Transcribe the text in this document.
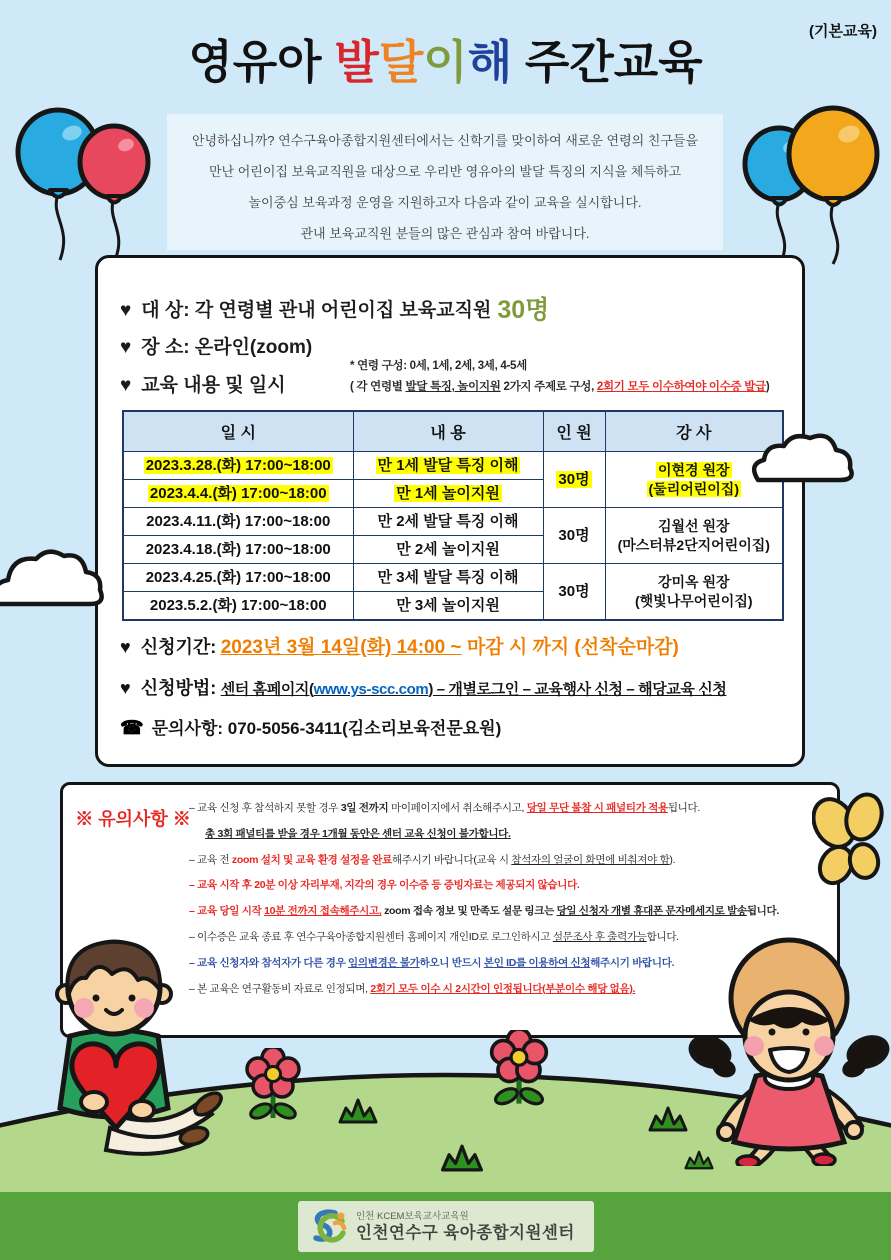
(기본교육)
영유아 발달이해 주간교육
안녕하십니까? 연수구육아종합지원센터에서는 신학기를 맞이하여 새로운 연령의 친구들을
만난 어린이집 보육교직원을 대상으로 우리반 영유아의 발달 특징의 지식을 체득하고
놀이중심 보육과정 운영을 지원하고자 다음과 같이 교육을 실시합니다.
관내 보육교직원 분들의 많은 관심과 참여 바랍니다.
♥ 대 상: 각 연령별 관내 어린이집 보육교직원 30명
♥ 장 소: 온라인(zoom)
♥ 교육 내용 및 일시
* 연령 구성: 0세, 1세, 2세, 3세, 4-5세
( 각 연령별 발달 특징, 놀이지원 2가지 주제로 구성, 2회기 모두 이수하여야 이수증 발급)
일 시	내 용	인 원	강 사
2023.3.28.(화) 17:00~18:00	만 1세 발달 특징 이해	30명	이현경 원장
(둘리어린이집)

2023.4.4.(화) 17:00~18:00	만 1세 놀이지원		
2023.4.11.(화) 17:00~18:00	만 2세 발달 특징 이해	30명	김월선 원장
(마스터뷰2단지어린이집)

2023.4.18.(화) 17:00~18:00	만 2세 놀이지원		
2023.4.25.(화) 17:00~18:00	만 3세 발달 특징 이해	30명	강미옥 원장
(햇빛나무어린이집)

2023.5.2.(화) 17:00~18:00	만 3세 놀이지원		
♥ 신청기간: 2023년 3월 14일(화) 14:00 ~ 마감 시 까지 (선착순마감)
♥ 신청방법: 센터 홈페이지(www.ys-scc.com) – 개별로그인 – 교육행사 신청 – 해당교육 신청
☎ 문의사항: 070-5056-3411(김소리보육전문요원)
※ 유의사항 ※
– 교육 신청 후 참석하지 못할 경우 3일 전까지 마이페이지에서 취소해주시고, 당일 무단 불참 시 패널티가 적용됩니다.
총 3회 패널티를 받을 경우 1개월 동안은 센터 교육 신청이 불가합니다.
– 교육 전 zoom 설치 및 교육 환경 설정을 완료해주시기 바랍니다(교육 시 참석자의 얼굴이 화면에 비춰져야 함).
– 교육 시작 후 20분 이상 자리부재, 지각의 경우 이수증 등 증빙자료는 제공되지 않습니다.
– 교육 당일 시작 10분 전까지 접속해주시고, zoom 접속 정보 및 만족도 설문 링크는 당일 신청자 개별 휴대폰 문자메세지로 발송됩니다.
– 이수증은 교육 종료 후 연수구육아종합지원센터 홈페이지 개인ID로 로그인하시고 설문조사 후 출력가능합니다.
– 교육 신청자와 참석자가 다른 경우 임의변경은 불가하오니 반드시 본인 ID를 이용하여 신청해주시기 바랍니다.
– 본 교육은 연구활동비 자료로 인정되며, 2회기 모두 이수 시 2시간이 인정됩니다(부분이수 해당 없음).
인천 KCEM보육교사교육원
인천연수구 육아종합지원센터
